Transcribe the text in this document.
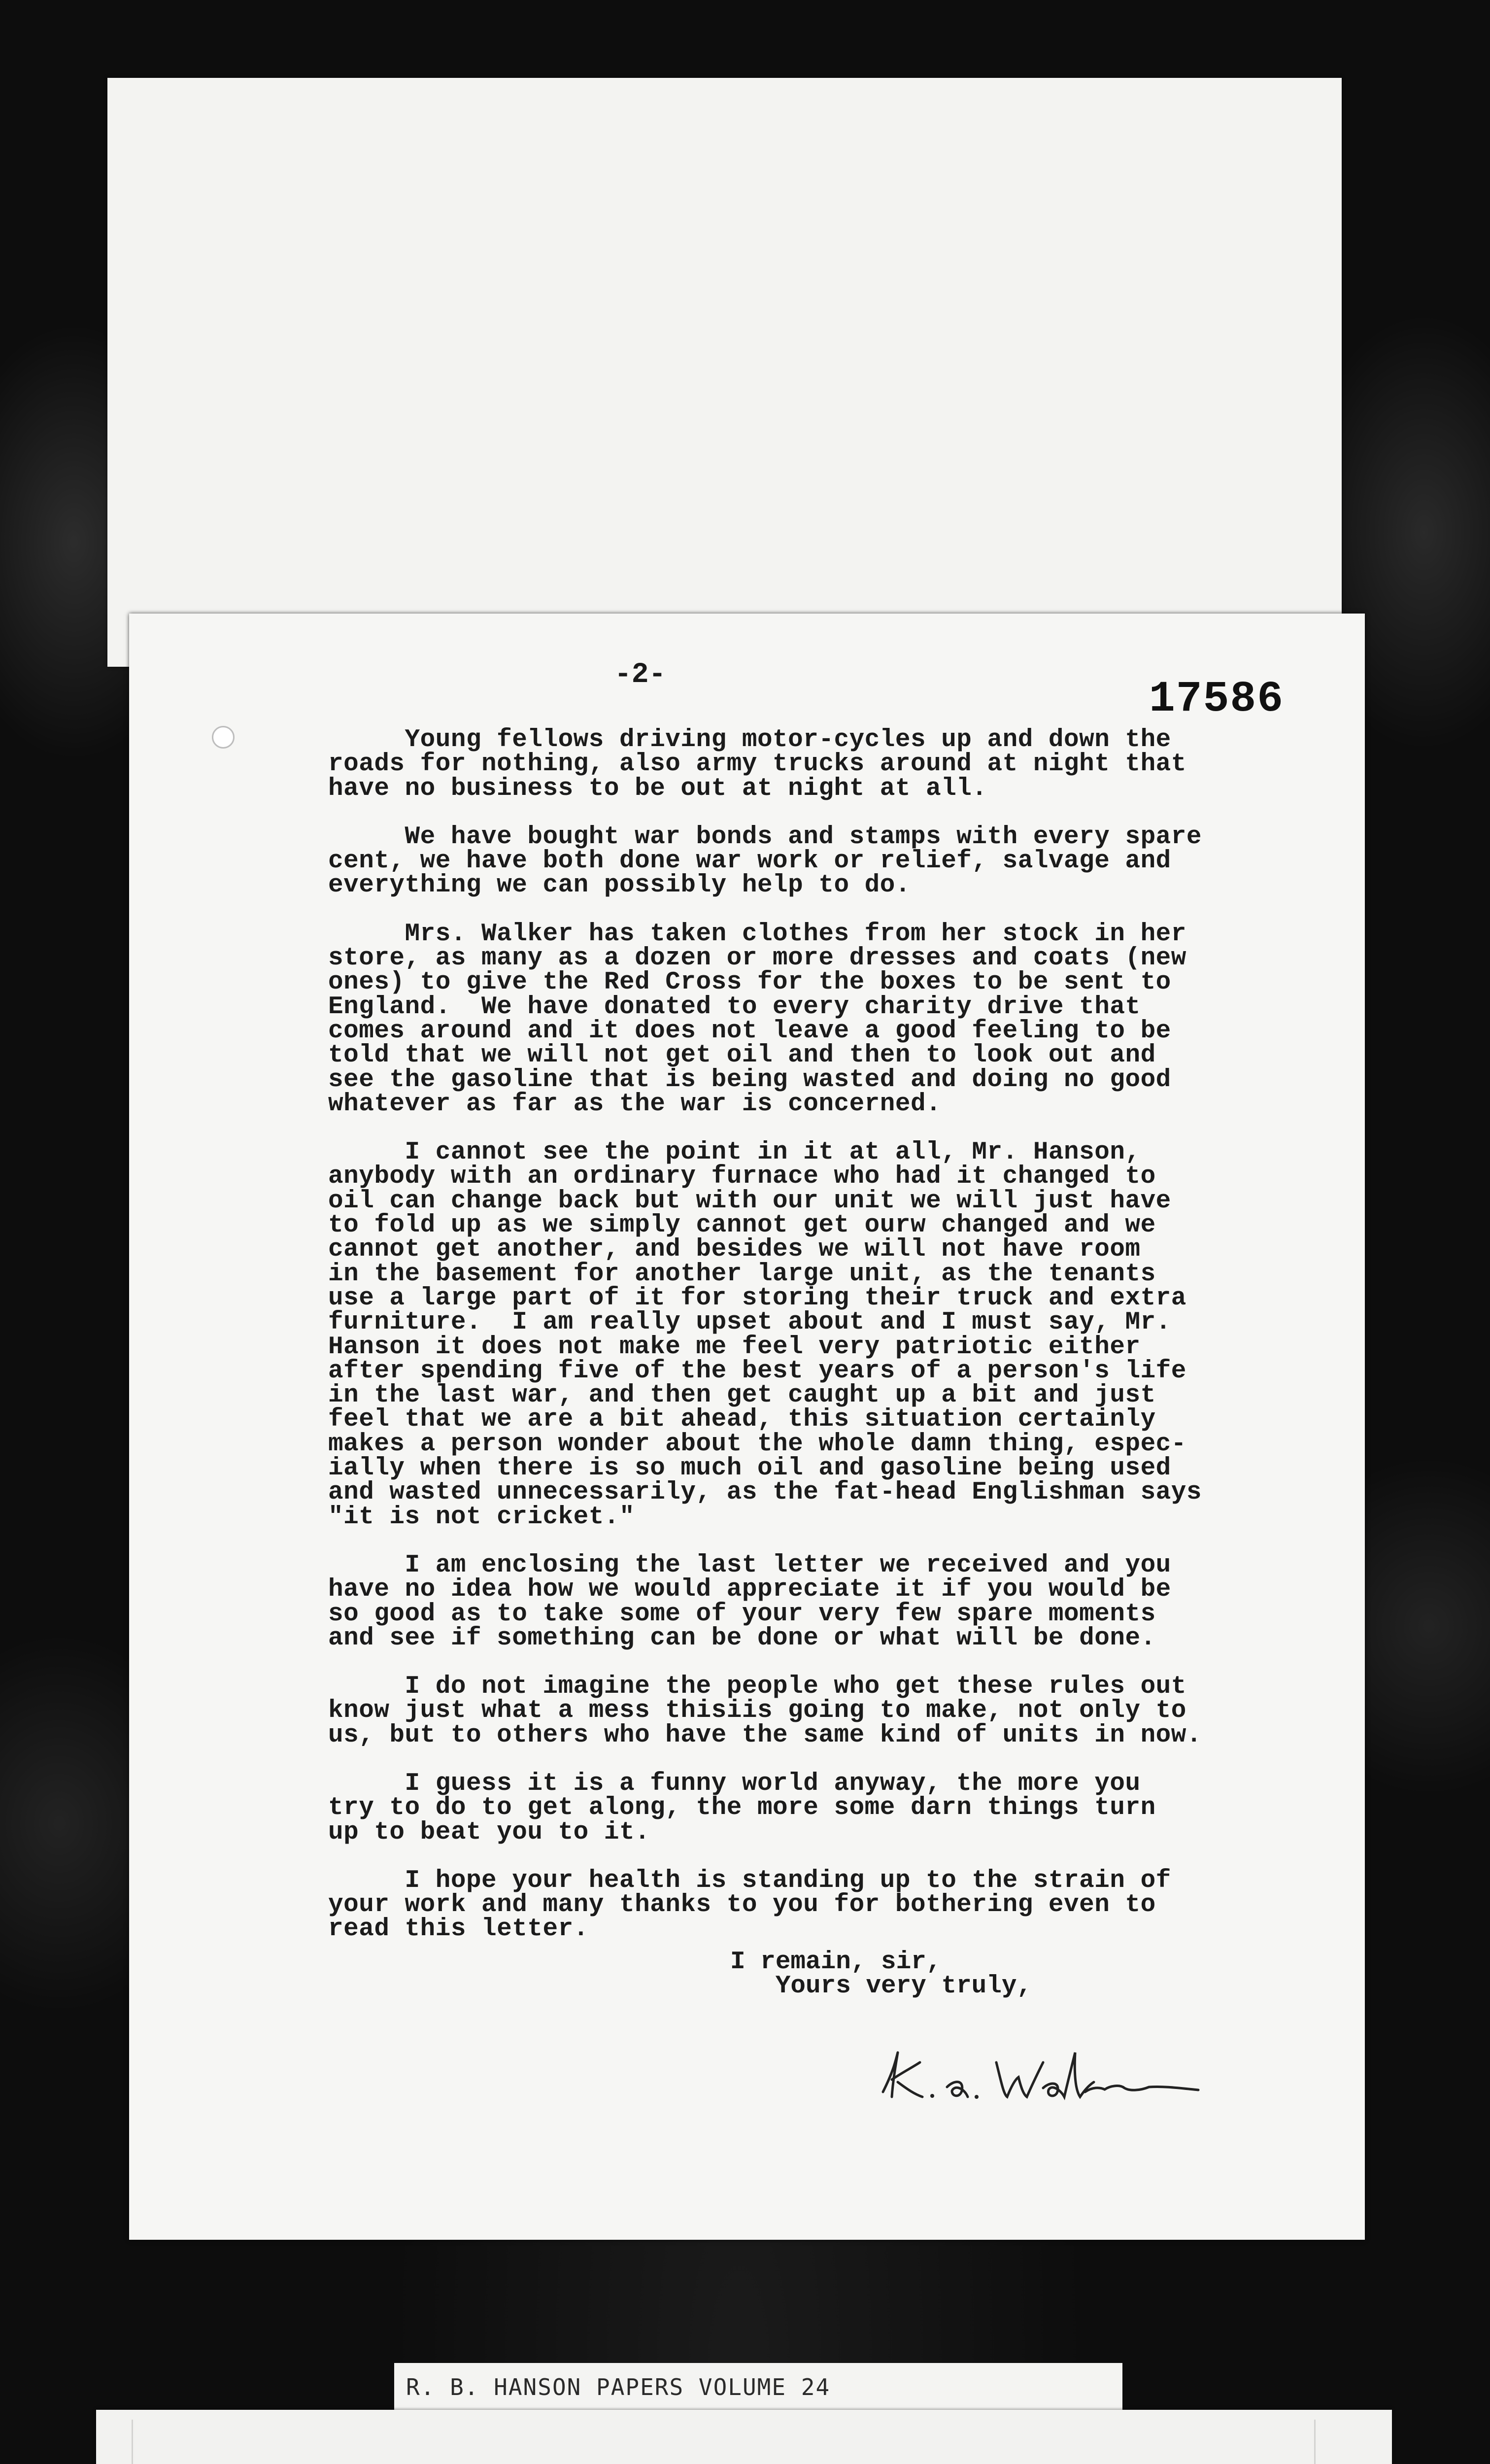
-2-
17586
Young fellows driving motor-cycles up and down the
roads for nothing, also army trucks around at night that
have no business to be out at night at all.
We have bought war bonds and stamps with every spare
cent, we have both done war work or relief, salvage and
everything we can possibly help to do.
Mrs. Walker has taken clothes from her stock in her
store, as many as a dozen or more dresses and coats (new
ones) to give the Red Cross for the boxes to be sent to
England.  We have donated to every charity drive that
comes around and it does not leave a good feeling to be
told that we will not get oil and then to look out and
see the gasoline that is being wasted and doing no good
whatever as far as the war is concerned.
I cannot see the point in it at all, Mr. Hanson,
anybody with an ordinary furnace who had it changed to
oil can change back but with our unit we will just have
to fold up as we simply cannot get ourw changed and we
cannot get another, and besides we will not have room
in the basement for another large unit, as the tenants
use a large part of it for storing their truck and extra
furniture.  I am really upset about and I must say, Mr.
Hanson it does not make me feel very patriotic either
after spending five of the best years of a person's life
in the last war, and then get caught up a bit and just
feel that we are a bit ahead, this situation certainly
makes a person wonder about the whole damn thing, espec-
ially when there is so much oil and gasoline being used
and wasted unnecessarily, as the fat-head Englishman says
"it is not cricket."
I am enclosing the last letter we received and you
have no idea how we would appreciate it if you would be
so good as to take some of your very few spare moments
and see if something can be done or what will be done.
I do not imagine the people who get these rules out
know just what a mess thisiis going to make, not only to
us, but to others who have the same kind of units in now.
I guess it is a funny world anyway, the more you
try to do to get along, the more some darn things turn
up to beat you to it.
I hope your health is standing up to the strain of
your work and many thanks to you for bothering even to
read this letter.
I remain, sir,
Yours very truly,
R. B. HANSON PAPERS VOLUME 24
